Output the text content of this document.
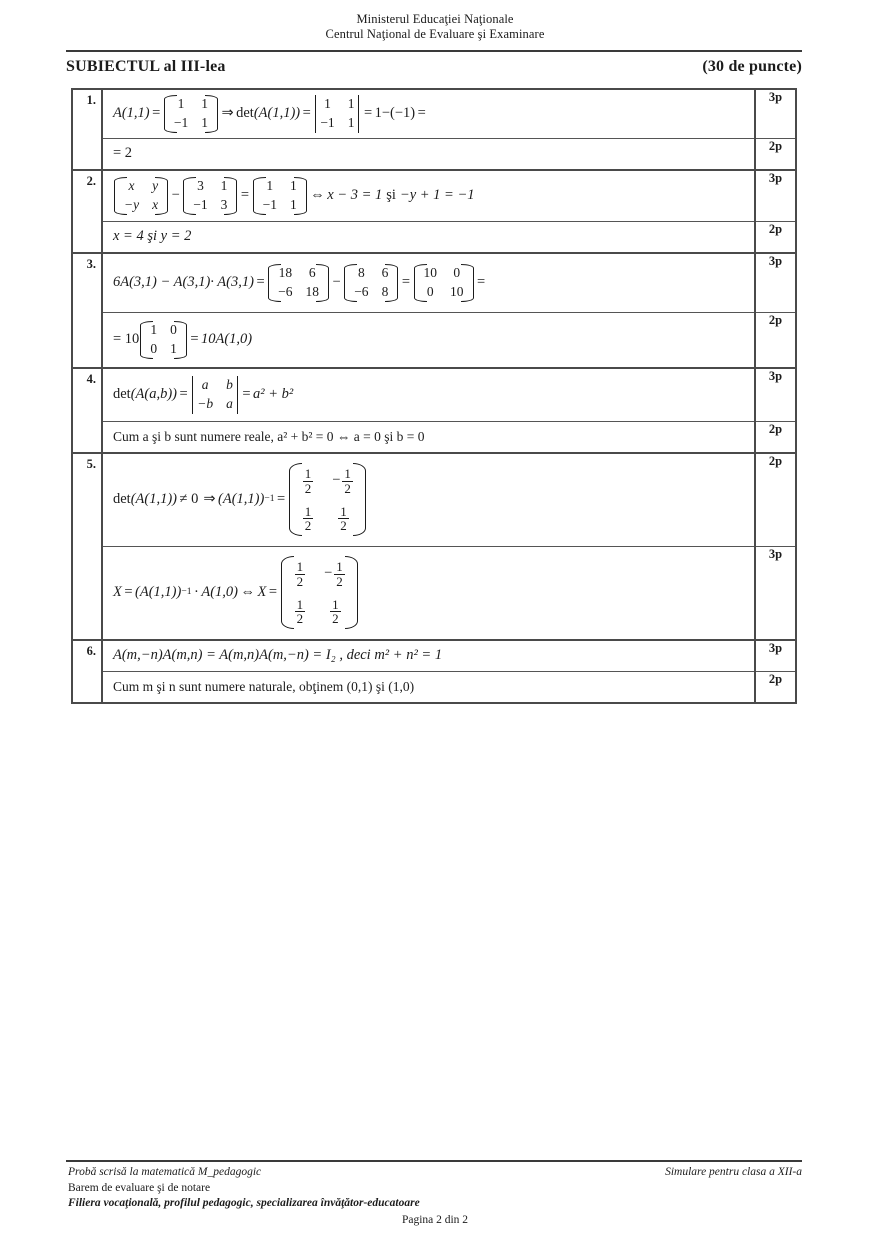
Ministerul Educaţiei Naţionale
Centrul Naţional de Evaluare şi Examinare
SUBIECTUL al III-lea	(30 de puncte)
1.	
A(1,1) =
1 1
−1 1
⇒ det (A(1,1)) =
1 1
−1 1
= 1−(−1) =
	3p

	= 2	2p
2.	x y
−y x
−
3 1
−1 3
=
1 1
−1 1
⇔ x − 3 = 1 şi −y + 1 = −1
	3p

	x = 4 şi y = 2	2p
3.	
6A(3,1) − A(3,1)· A(3,1) =
18 6
−6 18
−
8 6
−6 8
=
10 0
0 10
=
	3p

= 10
1 0
0 1
= 10A(1,0)
	2p
4.	
det (A(a,b)) =
a b
−b a
= a² + b²
	3p

	Cum a şi b sunt numere reale, a² + b² = 0 ⇔ a = 0 şi b = 0	2p
5.	
det (A(1,1)) ≠ 0 ⇒ (A(1,1)) −1 =
$\frac{1}{2} - \frac{1}{2}$
$\frac{1}{2} \frac{1}{2}$
	2p

X = (A(1,1)) −1 · A(1,0) ⇔ X =
$\frac{1}{2} - \frac{1}{2}$
$\frac{1}{2} \frac{1}{2}$
	3p
6.	A(m,−n)A(m,n) = A(m,n)A(m,−n) = I₂ , deci m² + n² = 1	3p

	Cum m şi n sunt numere naturale, obţinem (0,1) şi (1,0)	2p
Probă scrisă la matematică M_pedagogic	Simulare pentru clasa a XII-a
Barem de evaluare şi de notare
Filiera vocaţională, profilul pedagogic, specializarea învăţător-educatoare
Pagina 2 din 2
